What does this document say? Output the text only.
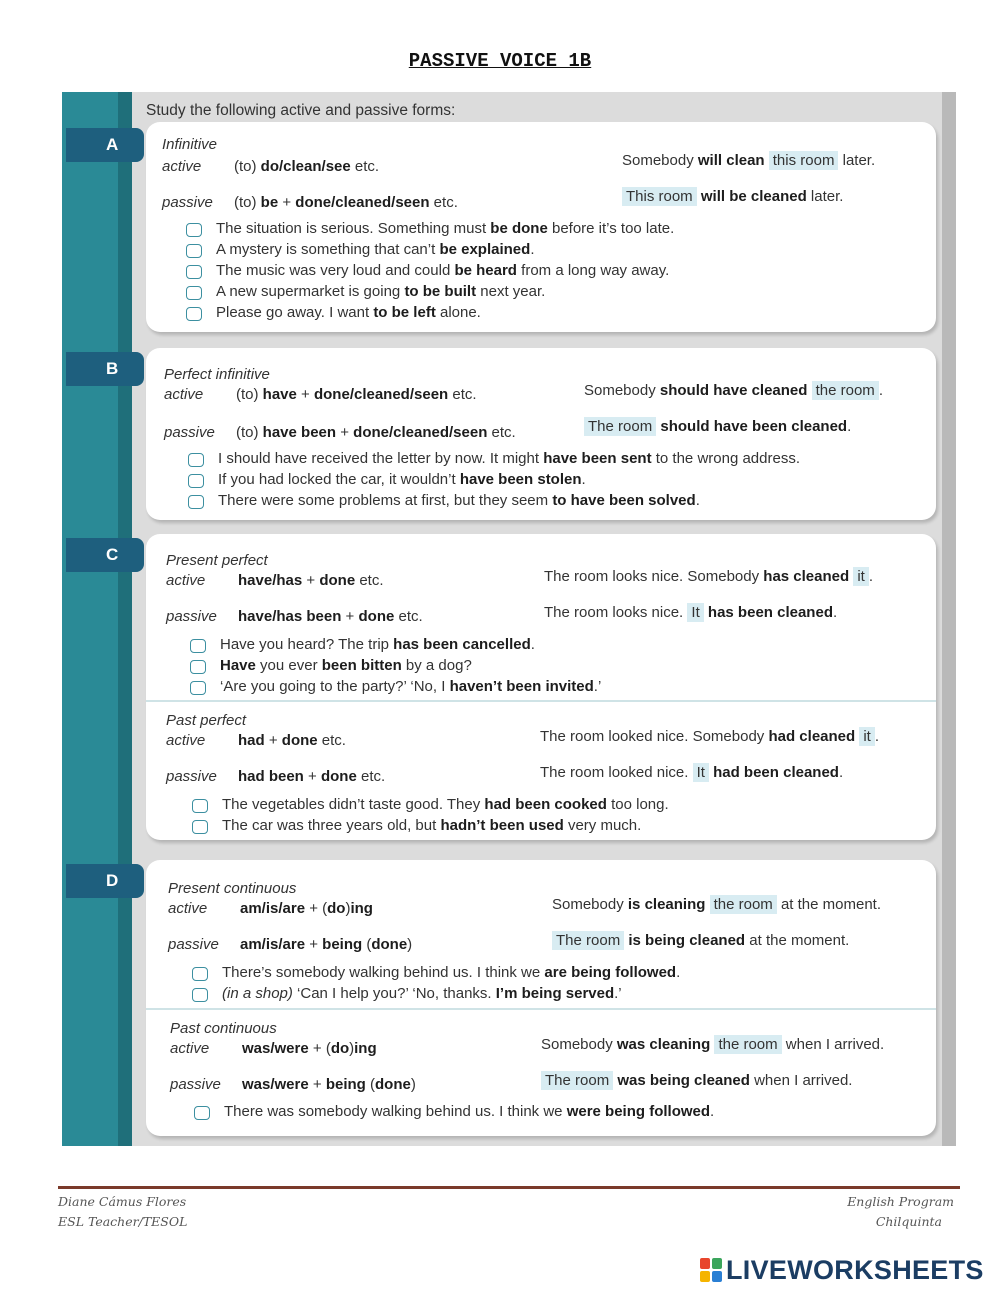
PASSIVE VOICE 1B
Study the following active and passive forms:
A	Infinitive
active (to) do/clean/see etc.	Somebody will clean this room later.
passive (to) be + done/cleaned/seen etc.	This room will be cleaned later.
The situation is serious. Something must be done before it’s too late.
A mystery is something that can’t be explained.
The music was very loud and could be heard from a long way away.
A new supermarket is going to be built next year.
Please go away. I want to be left alone.
B	Perfect infinitive
active (to) have + done/cleaned/seen etc.	Somebody should have cleaned the room .
passive (to) have been + done/cleaned/seen etc.	The room should have been cleaned.
I should have received the letter by now. It might have been sent to the wrong address.
If you had locked the car, it wouldn’t have been stolen.
There were some problems at first, but they seem to have been solved.
C	Present perfect
active have/has + done etc.	The room looks nice. Somebody has cleaned it .
passive have/has been + done etc.	The room looks nice. It has been cleaned.
Have you heard? The trip has been cancelled.
Have you ever been bitten by a dog?
‘Are you going to the party?’ ‘No, I haven’t been invited.’
Past perfect
active had + done etc.	The room looked nice. Somebody had cleaned it .
passive had been + done etc.	The room looked nice. It had been cleaned.
The vegetables didn’t taste good. They had been cooked too long.
The car was three years old, but hadn’t been used very much.
D	Present continuous
active am/is/are + (do)ing	Somebody is cleaning the room at the moment.
passive am/is/are + being (done)	The room is being cleaned at the moment.
There’s somebody walking behind us. I think we are being followed.
(in a shop) ‘Can I help you?’ ‘No, thanks. I’m being served.’
Past continuous
active was/were + (do)ing	Somebody was cleaning the room when I arrived.
passive was/were + being (done)	The room was being cleaned when I arrived.
There was somebody walking behind us. I think we were being followed.
Diane Cámus Flores
ESL Teacher/TESOL
English Program
Chilquinta
LIVEWORKSHEETS
